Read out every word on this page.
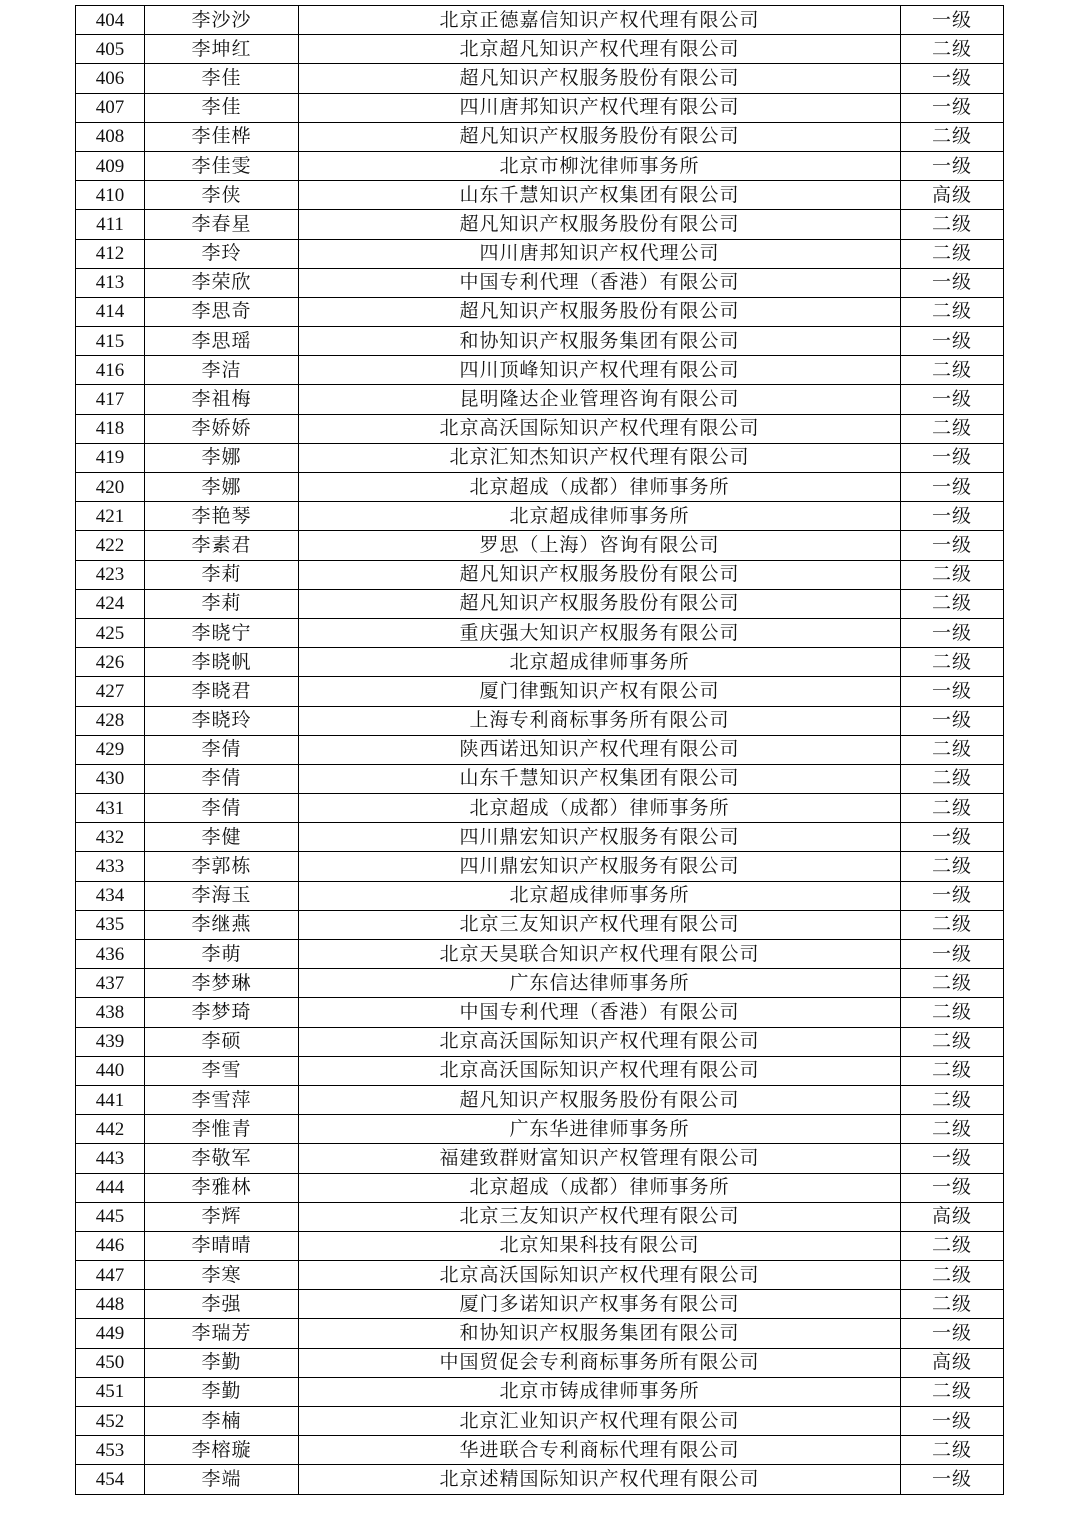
404	李沙沙	北京正德嘉信知识产权代理有限公司	一级
405	李坤红	北京超凡知识产权代理有限公司	二级
406	李佳	超凡知识产权服务股份有限公司	一级
407	李佳	四川唐邦知识产权代理有限公司	一级
408	李佳桦	超凡知识产权服务股份有限公司	二级
409	李佳雯	北京市柳沈律师事务所	一级
410	李侠	山东千慧知识产权集团有限公司	高级
411	李春星	超凡知识产权服务股份有限公司	二级
412	李玲	四川唐邦知识产权代理公司	二级
413	李荣欣	中国专利代理（香港）有限公司	一级
414	李思奇	超凡知识产权服务股份有限公司	二级
415	李思瑶	和协知识产权服务集团有限公司	一级
416	李洁	四川顶峰知识产权代理有限公司	二级
417	李祖梅	昆明隆达企业管理咨询有限公司	一级
418	李娇娇	北京高沃国际知识产权代理有限公司	二级
419	李娜	北京汇知杰知识产权代理有限公司	一级
420	李娜	北京超成（成都）律师事务所	一级
421	李艳琴	北京超成律师事务所	一级
422	李素君	罗思（上海）咨询有限公司	一级
423	李莉	超凡知识产权服务股份有限公司	二级
424	李莉	超凡知识产权服务股份有限公司	二级
425	李晓宁	重庆强大知识产权服务有限公司	一级
426	李晓帆	北京超成律师事务所	二级
427	李晓君	厦门律甄知识产权有限公司	一级
428	李晓玲	上海专利商标事务所有限公司	一级
429	李倩	陕西诺迅知识产权代理有限公司	二级
430	李倩	山东千慧知识产权集团有限公司	二级
431	李倩	北京超成（成都）律师事务所	二级
432	李健	四川鼎宏知识产权服务有限公司	一级
433	李郭栋	四川鼎宏知识产权服务有限公司	二级
434	李海玉	北京超成律师事务所	一级
435	李继燕	北京三友知识产权代理有限公司	二级
436	李萌	北京天昊联合知识产权代理有限公司	一级
437	李梦琳	广东信达律师事务所	二级
438	李梦琦	中国专利代理（香港）有限公司	二级
439	李硕	北京高沃国际知识产权代理有限公司	二级
440	李雪	北京高沃国际知识产权代理有限公司	二级
441	李雪萍	超凡知识产权服务股份有限公司	二级
442	李惟青	广东华进律师事务所	二级
443	李敬军	福建致群财富知识产权管理有限公司	一级
444	李雅林	北京超成（成都）律师事务所	一级
445	李辉	北京三友知识产权代理有限公司	高级
446	李晴晴	北京知果科技有限公司	二级
447	李寒	北京高沃国际知识产权代理有限公司	二级
448	李强	厦门多诺知识产权事务有限公司	二级
449	李瑞芳	和协知识产权服务集团有限公司	一级
450	李勤	中国贸促会专利商标事务所有限公司	高级
451	李勤	北京市铸成律师事务所	二级
452	李楠	北京汇业知识产权代理有限公司	一级
453	李榕璇	华进联合专利商标代理有限公司	二级
454	李端	北京述精国际知识产权代理有限公司	一级
